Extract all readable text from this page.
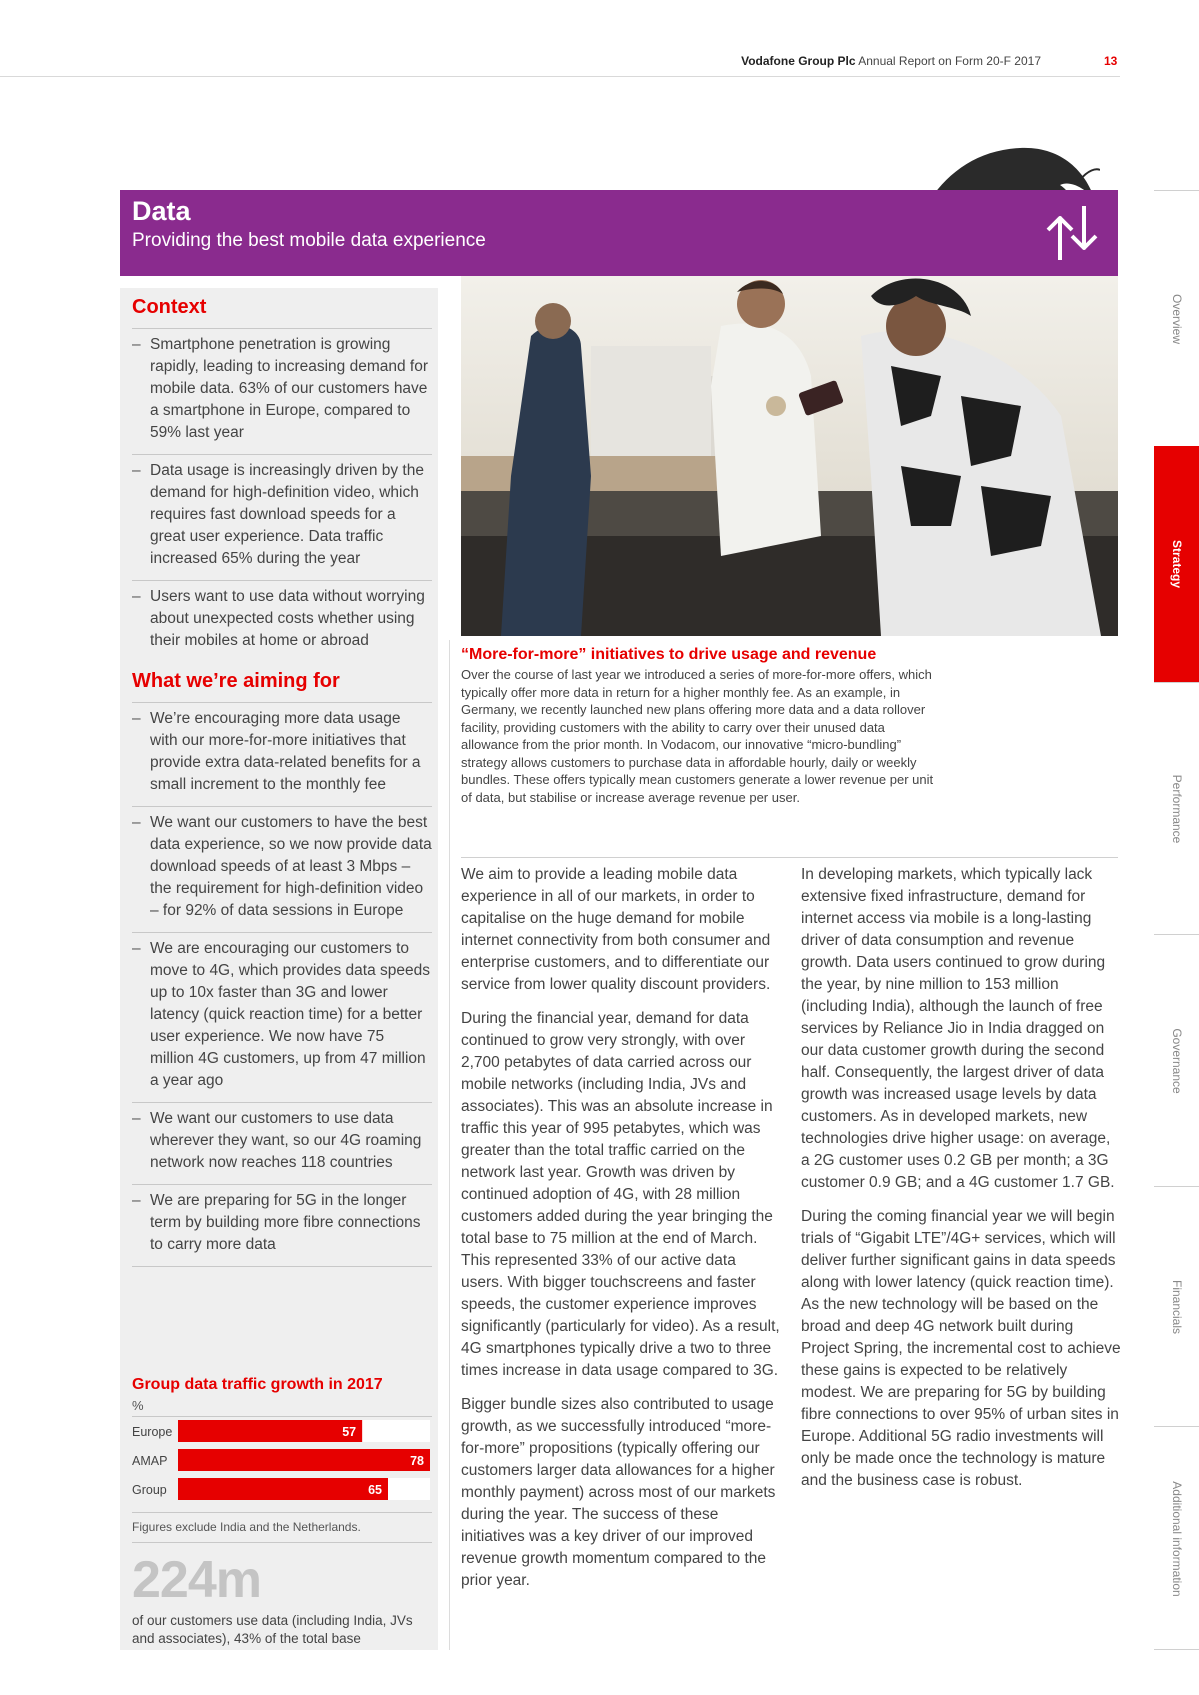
Vodafone Group Plc Annual Report on Form 20-F 2017	13
Data
Providing the best mobile data experience
Context
– Smartphone penetration is growing rapidly, leading to increasing demand for mobile data. 63% of our customers have a smartphone in Europe, compared to 59% last year
– Data usage is increasingly driven by the demand for high-definition video, which requires fast download speeds for a great user experience. Data traffic increased 65% during the year
– Users want to use data without worrying about unexpected costs whether using their mobiles at home or abroad
What we’re aiming for
– We’re encouraging more data usage with our more-for-more initiatives that provide extra data-related benefits for a small increment to the monthly fee
– We want our customers to have the best data experience, so we now provide data download speeds of at least 3 Mbps – the requirement for high-definition video – for 92% of data sessions in Europe
– We are encouraging our customers to move to 4G, which provides data speeds up to 10x faster than 3G and lower latency (quick reaction time) for a better user experience. We now have 75 million 4G customers, up from 47 million a year ago
– We want our customers to use data wherever they want, so our 4G roaming network now reaches 118 countries
– We are preparing for 5G in the longer term by building more fibre connections to carry more data
Group data traffic growth in 2017
%
Europe	57
AMAP	78
Group	65
Figures exclude India and the Netherlands.
224m
of our customers use data (including India, JVs and associates), 43% of the total base
“More-for-more” initiatives to drive usage and revenue
Over the course of last year we introduced a series of more-for-more offers, which typically offer more data in return for a higher monthly fee. As an example, in Germany, we recently launched new plans offering more data and a data rollover facility, providing customers with the ability to carry over their unused data allowance from the prior month. In Vodacom, our innovative “micro-bundling” strategy allows customers to purchase data in affordable hourly, daily or weekly bundles. These offers typically mean customers generate a lower revenue per unit of data, but stabilise or increase average revenue per user.

We aim to provide a leading mobile data experience in all of our markets, in order to capitalise on the huge demand for mobile internet connectivity from both consumer and enterprise customers, and to differentiate our service from lower quality discount providers.

During the financial year, demand for data continued to grow very strongly, with over 2,700 petabytes of data carried across our mobile networks (including India, JVs and associates). This was an absolute increase in traffic this year of 995 petabytes, which was greater than the total traffic carried on the network last year. Growth was driven by continued adoption of 4G, with 28 million customers added during the year bringing the total base to 75 million at the end of March. This represented 33% of our active data users. With bigger touchscreens and faster speeds, the customer experience improves significantly (particularly for video). As a result, 4G smartphones typically drive a two to three times increase in data usage compared to 3G.

Bigger bundle sizes also contributed to usage growth, as we successfully introduced “more-for-more” propositions (typically offering our customers larger data allowances for a higher monthly payment) across most of our markets during the year. The success of these initiatives was a key driver of our improved revenue growth momentum compared to the prior year.

In developing markets, which typically lack extensive fixed infrastructure, demand for internet access via mobile is a long-lasting driver of data consumption and revenue growth. Data users continued to grow during the year, by nine million to 153 million (including India), although the launch of free services by Reliance Jio in India dragged on our data customer growth during the second half. Consequently, the largest driver of data growth was increased usage levels by data customers. As in developed markets, new technologies drive higher usage: on average, a 2G customer uses 0.2 GB per month; a 3G customer 0.9 GB; and a 4G customer 1.7 GB.

During the coming financial year we will begin trials of “Gigabit LTE”/4G+ services, which will deliver further significant gains in data speeds along with lower latency (quick reaction time). As the new technology will be based on the broad and deep 4G network built during Project Spring, the incremental cost to achieve these gains is expected to be relatively modest. We are preparing for 5G by building fibre connections to over 95% of urban sites in Europe. Additional 5G radio investments will only be made once the technology is mature and the business case is robust.

Overview
Strategy
Performance
Governance
Financials
Additional information
